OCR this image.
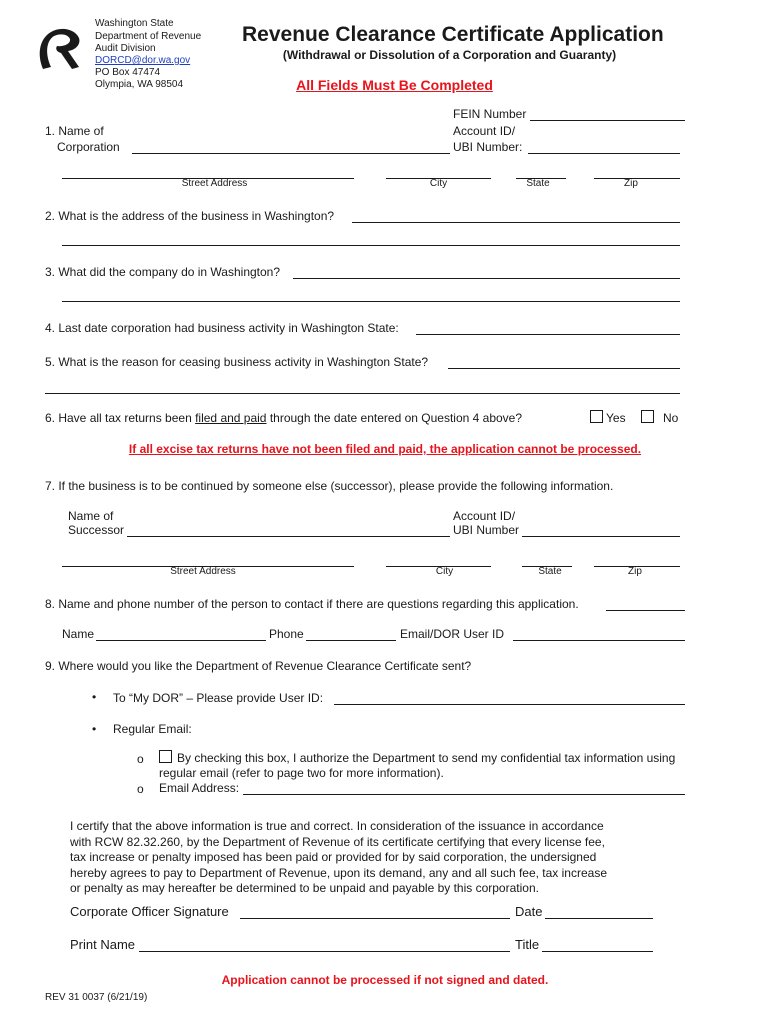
Washington State
Department of Revenue
Audit Division
DORCD@dor.wa.gov
PO Box 47474
Olympia, WA 98504
Revenue Clearance Certificate Application
(Withdrawal or Dissolution of a Corporation and Guaranty)
All Fields Must Be Completed
FEIN Number
1. Name of
Corporation
Account ID/
UBI Number:
Street Address	City	State	Zip
2. What is the address of the business in Washington?
3. What did the company do in Washington?
4. Last date corporation had business activity in Washington State:
5. What is the reason for ceasing business activity in Washington State?
6. Have all tax returns been filed and paid through the date entered on Question 4 above?	Yes	No
If all excise tax returns have not been filed and paid, the application cannot be processed.
7. If the business is to be continued by someone else (successor), please provide the following information.
Name of
Successor
Account ID/
UBI Number
Street Address	City	State	Zip
8. Name and phone number of the person to contact if there are questions regarding this application.
Name	Phone	Email/DOR User ID
9. Where would you like the Department of Revenue Clearance Certificate sent?
• To “My DOR” – Please provide User ID:
• Regular Email:
o	By checking this box, I authorize the Department to send my confidential tax information using
regular email (refer to page two for more information).
o Email Address:
I certify that the above information is true and correct. In consideration of the issuance in accordance
with RCW 82.32.260, by the Department of Revenue of its certificate certifying that every license fee,
tax increase or penalty imposed has been paid or provided for by said corporation, the undersigned
hereby agrees to pay to Department of Revenue, upon its demand, any and all such fee, tax increase
or penalty as may hereafter be determined to be unpaid and payable by this corporation.
Corporate Officer Signature	Date
Print Name	Title
Application cannot be processed if not signed and dated.
REV 31 0037 (6/21/19)
